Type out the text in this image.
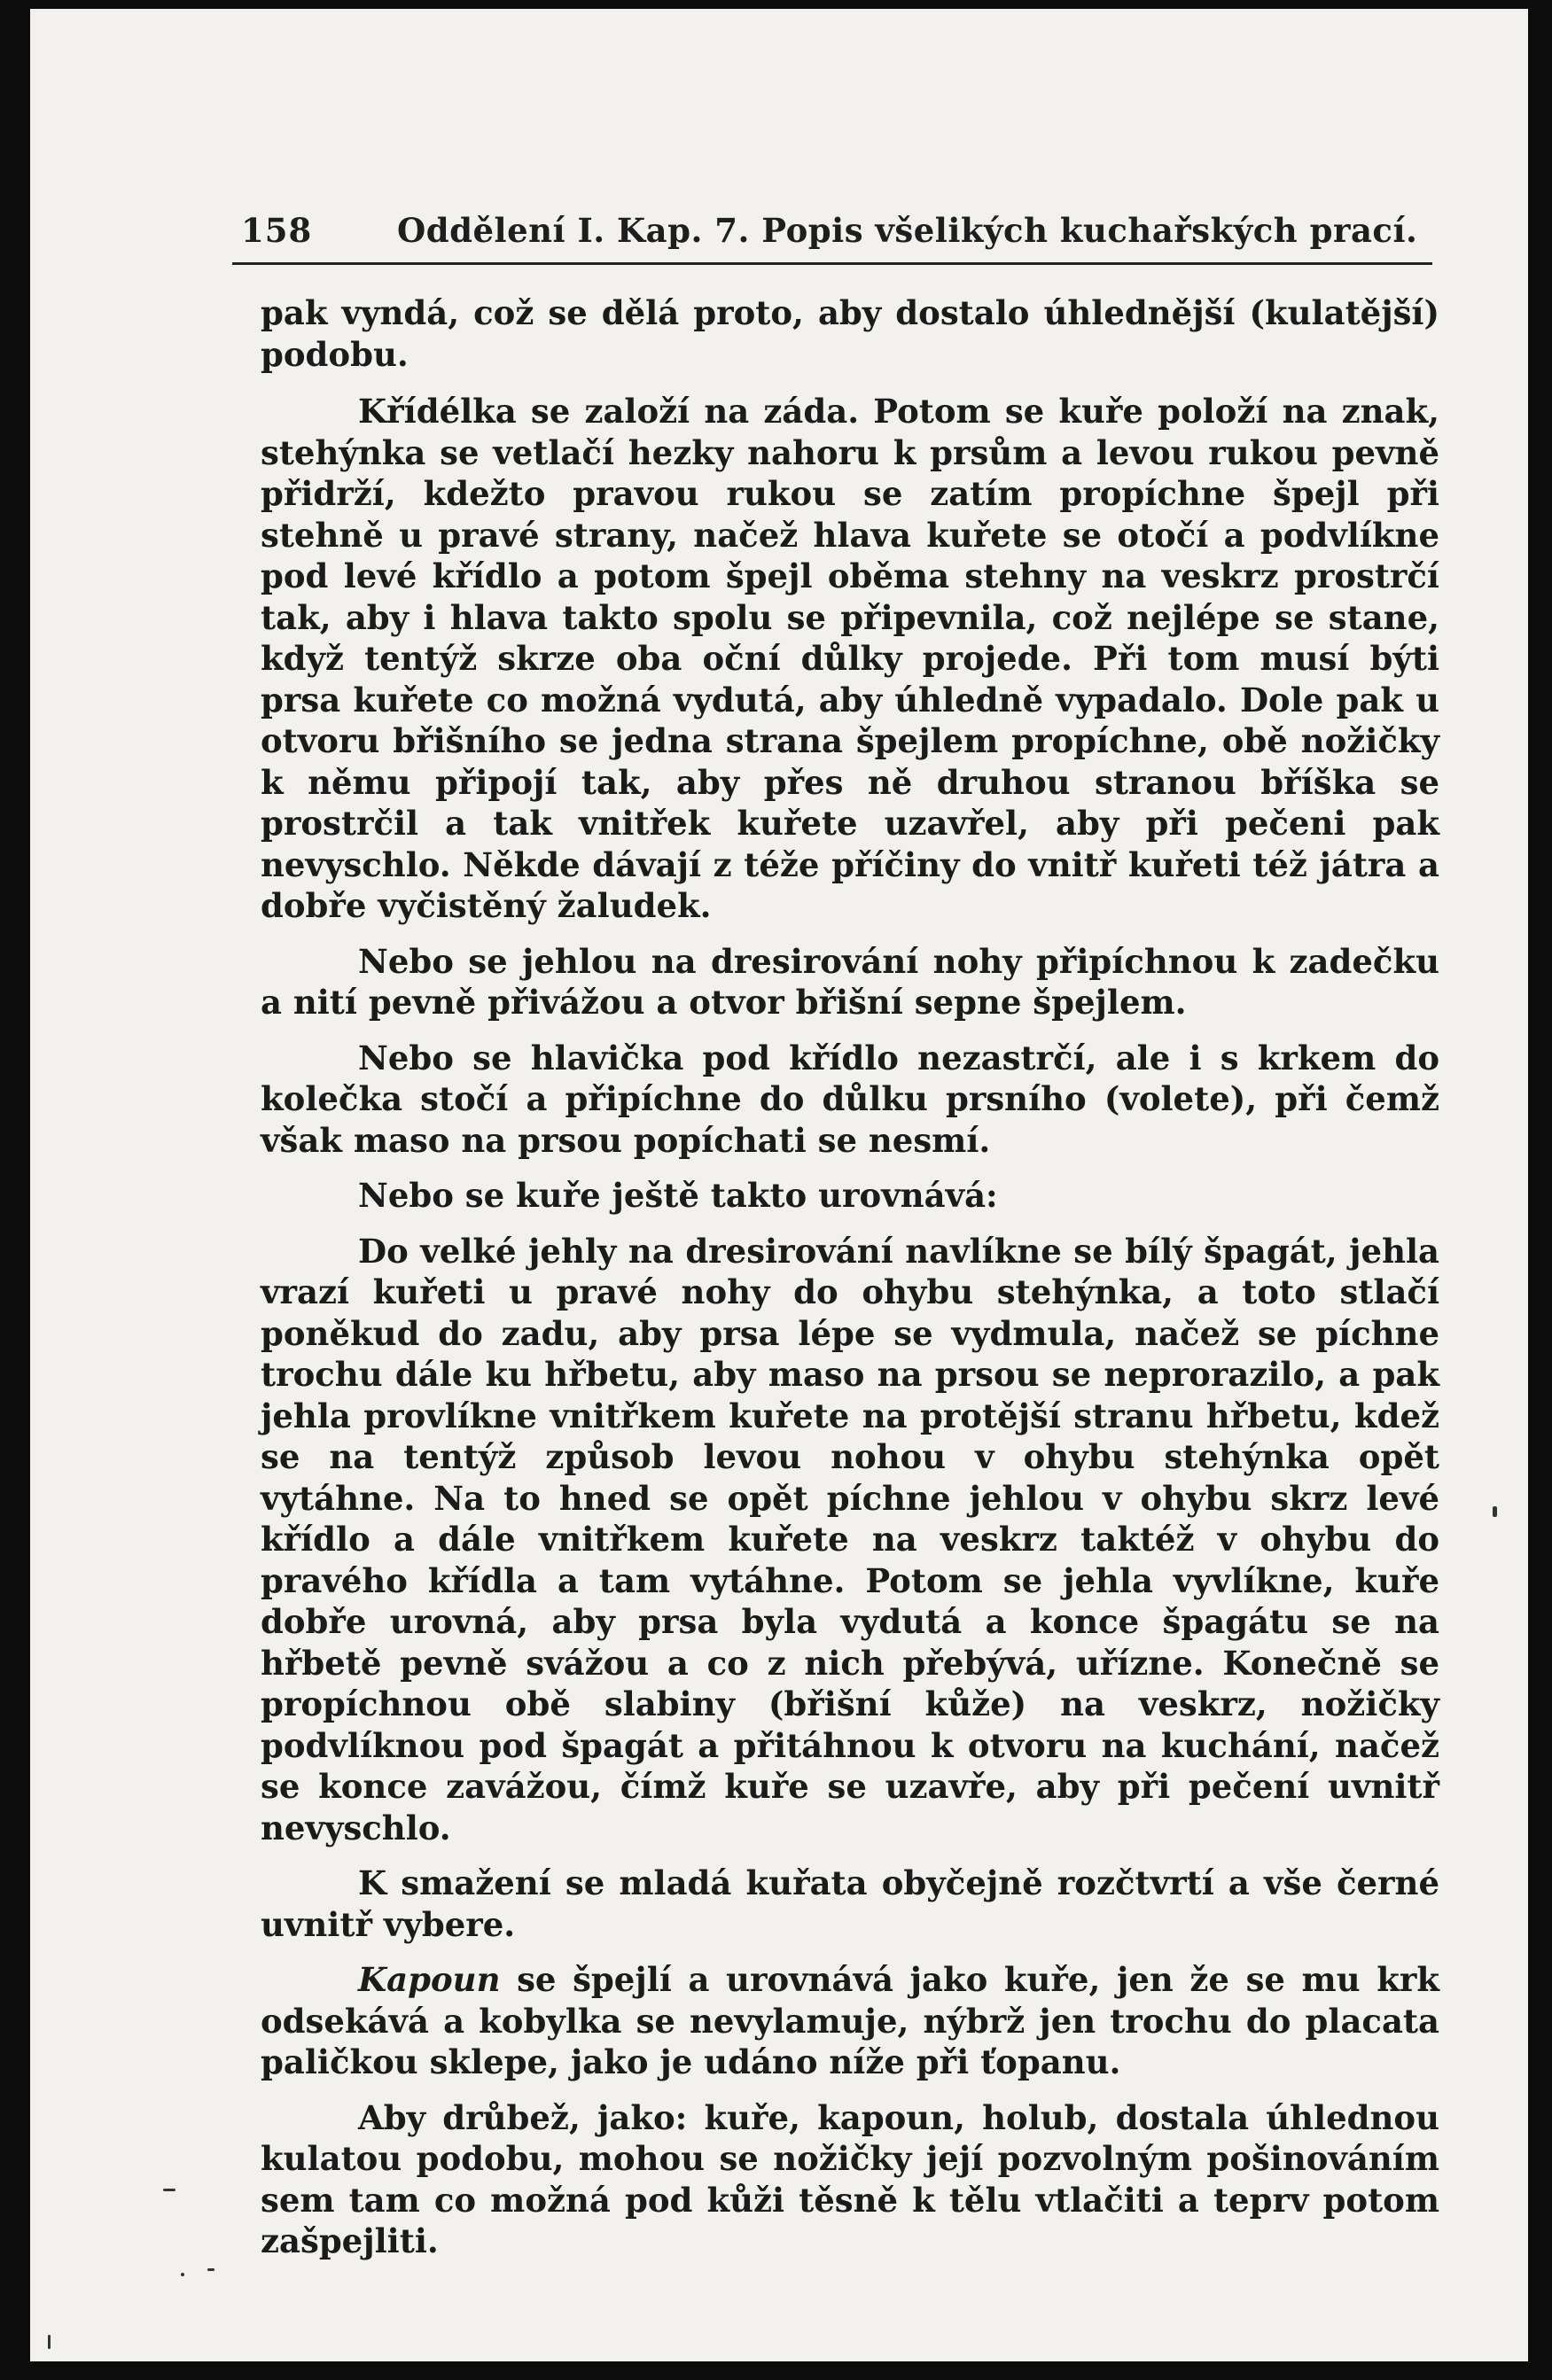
158	Oddělení I. Kap. 7. Popis všelikých kuchařských prací.

pak vyndá, což se dělá proto, aby dostalo úhlednější (kulatější) podobu.

Křídélka se založí na záda. Potom se kuře položí na znak, stehýnka se vetlačí hezky nahoru k prsům a levou rukou pevně přidrží, kdežto pravou rukou se zatím propíchne špejl při stehně u pravé strany, načež hlava kuřete se otočí a podvlíkne pod levé křídlo a potom špejl oběma stehny na veskrz prostrčí tak, aby i hlava takto spolu se připevnila, což nejlépe se stane, když tentýž skrze oba oční důlky projede. Při tom musí býti prsa kuřete co možná vydutá, aby úhledně vypadalo. Dole pak u otvoru břišního se jedna strana špejlem propíchne, obě nožičky k němu připojí tak, aby přes ně druhou stranou bříška se prostrčil a tak vnitřek kuřete uzavřel, aby při pečeni pak nevyschlo. Někde dávají z téže příčiny do vnitř kuřeti též játra a dobře vyčistěný žaludek.

Nebo se jehlou na dresirování nohy připíchnou k zadečku a nití pevně přivážou a otvor břišní sepne špejlem.

Nebo se hlavička pod křídlo nezastrčí, ale i s krkem do kolečka stočí a připíchne do důlku prsního (volete), při čemž však maso na prsou popíchati se nesmí.

Nebo se kuře ještě takto urovnává:

Do velké jehly na dresirování navlíkne se bílý špagát, jehla vrazí kuřeti u pravé nohy do ohybu stehýnka, a toto stlačí poněkud do zadu, aby prsa lépe se vydmula, načež se píchne trochu dále ku hřbetu, aby maso na prsou se neprorazilo, a pak jehla provlíkne vnitřkem kuřete na protější stranu hřbetu, kdež se na tentýž způsob levou nohou v ohybu stehýnka opět vytáhne. Na to hned se opět píchne jehlou v ohybu skrz levé křídlo a dále vnitřkem kuřete na veskrz taktéž v ohybu do pravého křídla a tam vytáhne. Potom se jehla vyvlíkne, kuře dobře urovná, aby prsa byla vydutá a konce špagátu se na hřbetě pevně svážou a co z nich přebývá, uřízne. Konečně se propíchnou obě slabiny (břišní kůže) na veskrz, nožičky podvlíknou pod špagát a přitáhnou k otvoru na kuchání, načež se konce zavážou, čímž kuře se uzavře, aby při pečení uvnitř nevyschlo.

K smažení se mladá kuřata obyčejně rozčtvrtí a vše černé uvnitř vybere.

Kapoun se špejlí a urovnává jako kuře, jen že se mu krk odsekává a kobylka se nevylamuje, nýbrž jen trochu do placata paličkou sklepe, jako je udáno níže při ťopanu.

Aby drůbež, jako: kuře, kapoun, holub, dostala úhlednou kulatou podobu, mohou se nožičky její pozvolným pošinováním sem tam co možná pod kůži těsně k tělu vtlačiti a teprv potom zašpejliti.
